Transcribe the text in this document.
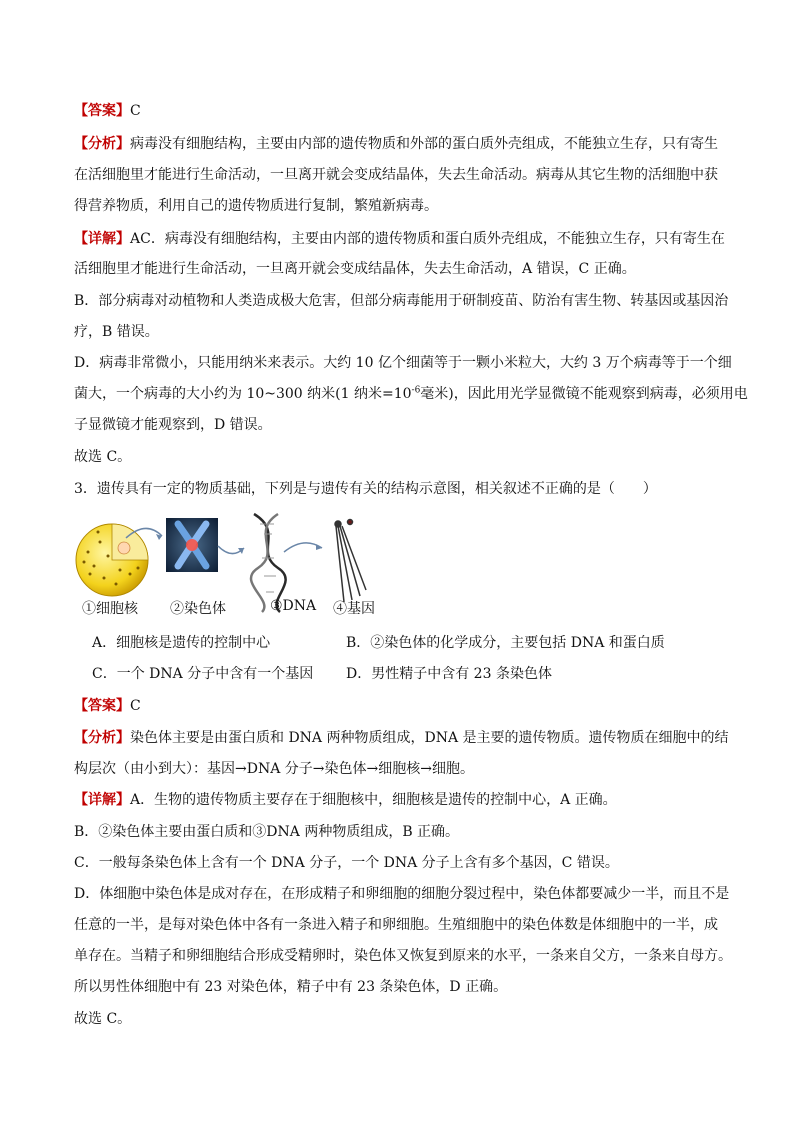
【答案】C
【分析】病毒没有细胞结构，主要由内部的遗传物质和外部的蛋白质外壳组成，不能独立生存，只有寄生
在活细胞里才能进行生命活动，一旦离开就会变成结晶体，失去生命活动。病毒从其它生物的活细胞中获
得营养物质，利用自己的遗传物质进行复制，繁殖新病毒。
【详解】AC．病毒没有细胞结构，主要由内部的遗传物质和蛋白质外壳组成，不能独立生存，只有寄生在
活细胞里才能进行生命活动，一旦离开就会变成结晶体，失去生命活动，A 错误，C 正确。
B．部分病毒对动植物和人类造成极大危害，但部分病毒能用于研制疫苗、防治有害生物、转基因或基因治
疗，B 错误。
D．病毒非常微小，只能用纳米来表示。大约 10 亿个细菌等于一颗小米粒大，大约 3 万个病毒等于一个细
菌大，一个病毒的大小约为 10~300 纳米(1 纳米$=10^{-6}$毫米)，因此用光学显微镜不能观察到病毒，必须用电
子显微镜才能观察到，D 错误。
故选 C。
3．遗传具有一定的物质基础，下列是与遗传有关的结构示意图，相关叙述不正确的是（　　）
①细胞核 ②染色体	③DNA ④基因
A．细胞核是遗传的控制中心	B．②染色体的化学成分，主要包括 DNA 和蛋白质
C．一个 DNA 分子中含有一个基因 D．男性精子中含有 23 条染色体
【答案】C
【分析】染色体主要是由蛋白质和 DNA 两种物质组成，DNA 是主要的遗传物质。遗传物质在细胞中的结
构层次（由小到大）：基因→DNA 分子→染色体→细胞核→细胞。
【详解】A．生物的遗传物质主要存在于细胞核中，细胞核是遗传的控制中心，A 正确。
B．②染色体主要由蛋白质和③DNA 两种物质组成，B 正确。
C．一般每条染色体上含有一个 DNA 分子，一个 DNA 分子上含有多个基因，C 错误。
D．体细胞中染色体是成对存在，在形成精子和卵细胞的细胞分裂过程中，染色体都要减少一半，而且不是
任意的一半，是每对染色体中各有一条进入精子和卵细胞。生殖细胞中的染色体数是体细胞中的一半，成
单存在。当精子和卵细胞结合形成受精卵时，染色体又恢复到原来的水平，一条来自父方，一条来自母方。
所以男性体细胞中有 23 对染色体，精子中有 23 条染色体，D 正确。
故选 C。
